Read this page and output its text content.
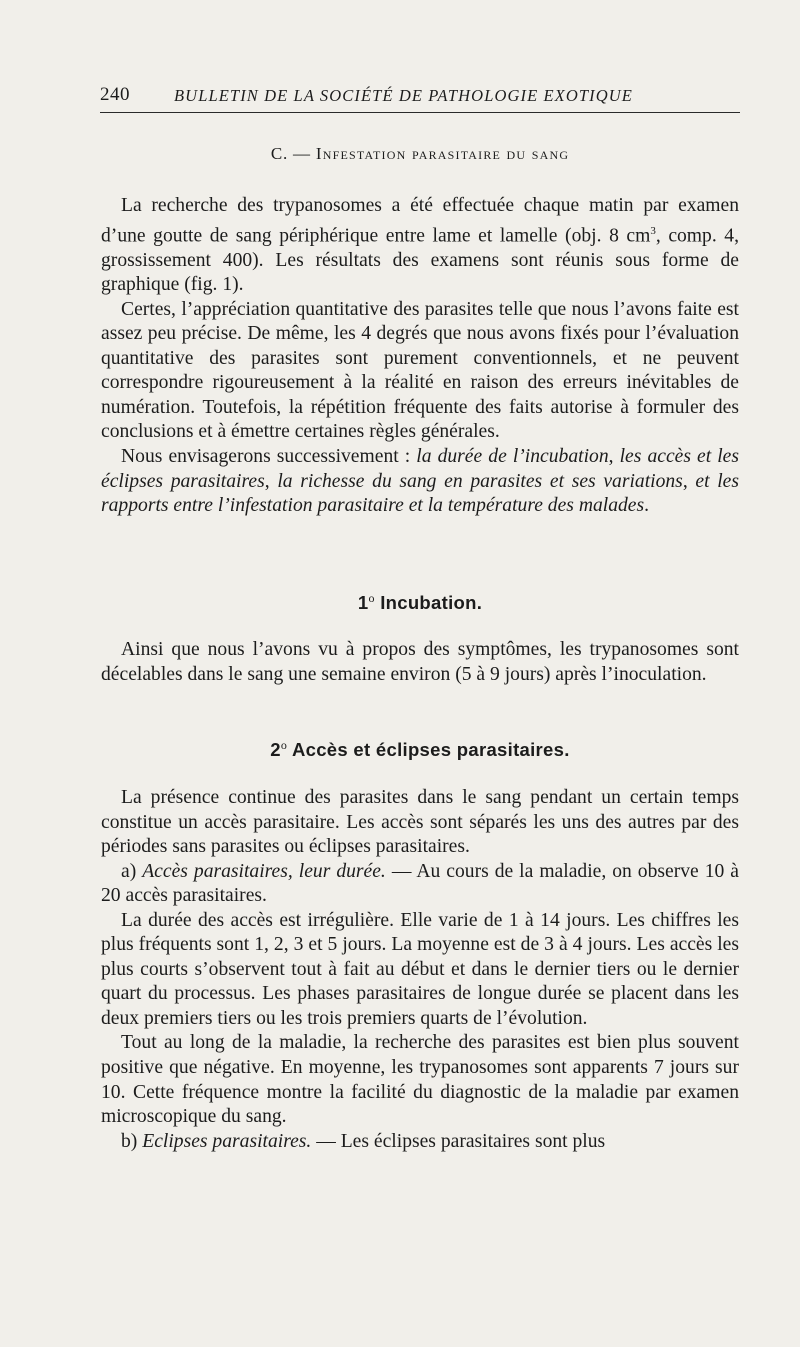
240	BULLETIN DE LA SOCIÉTÉ DE PATHOLOGIE EXOTIQUE
C. — Infestation parasitaire du sang

La recherche des trypanosomes a été effectuée chaque matin par examen d’une goutte de sang périphérique entre lame et lamelle (obj. 8 $cm^3$, comp. 4, grossissement 400). Les résultats des examens sont réunis sous forme de graphique (fig. 1).

Certes, l’appréciation quantitative des parasites telle que nous l’avons faite est assez peu précise. De même, les 4 degrés que nous avons fixés pour l’évaluation quantitative des parasites sont purement conventionnels, et ne peuvent correspondre rigoureusement à la réalité en raison des erreurs inévitables de numération. Toutefois, la répétition fréquente des faits autorise à formuler des conclusions et à émettre certaines règles générales.

Nous envisagerons successivement : la durée de l’incubation, les accès et les éclipses parasitaires, la richesse du sang en parasites et ses variations, et les rapports entre l’infestation parasitaire et la température des malades.

1$^o$ Incubation.

Ainsi que nous l’avons vu à propos des symptômes, les trypanosomes sont décelables dans le sang une semaine environ (5 à 9 jours) après l’inoculation.

2$^o$ Accès et éclipses parasitaires.

La présence continue des parasites dans le sang pendant un certain temps constitue un accès parasitaire. Les accès sont séparés les uns des autres par des périodes sans parasites ou éclipses parasitaires.

a) Accès parasitaires, leur durée. — Au cours de la maladie, on observe 10 à 20 accès parasitaires.

La durée des accès est irrégulière. Elle varie de 1 à 14 jours. Les chiffres les plus fréquents sont 1, 2, 3 et 5 jours. La moyenne est de 3 à 4 jours. Les accès les plus courts s’observent tout à fait au début et dans le dernier tiers ou le dernier quart du processus. Les phases parasitaires de longue durée se placent dans les deux premiers tiers ou les trois premiers quarts de l’évolution.

Tout au long de la maladie, la recherche des parasites est bien plus souvent positive que négative. En moyenne, les trypanosomes sont apparents 7 jours sur 10. Cette fréquence montre la facilité du diagnostic de la maladie par examen microscopique du sang.

b) Eclipses parasitaires. — Les éclipses parasitaires sont plus
